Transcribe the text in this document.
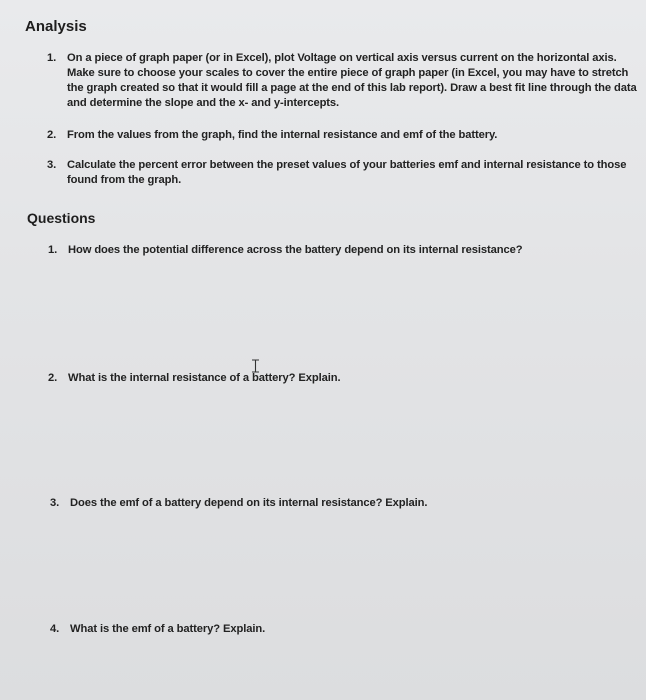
Analysis
1. On a piece of graph paper (or in Excel), plot Voltage on vertical axis versus current on the horizontal axis. Make sure to choose your scales to cover the entire piece of graph paper (in Excel, you may have to stretch the graph created so that it would fill a page at the end of this lab report). Draw a best fit line through the data and determine the slope and the x- and y-intercepts.
2. From the values from the graph, find the internal resistance and emf of the battery.
3. Calculate the percent error between the preset values of your batteries emf and internal resistance to those found from the graph.
Questions
1. How does the potential difference across the battery depend on its internal resistance?
2. What is the internal resistance of a battery? Explain.
3. Does the emf of a battery depend on its internal resistance? Explain.
4. What is the emf of a battery? Explain.
